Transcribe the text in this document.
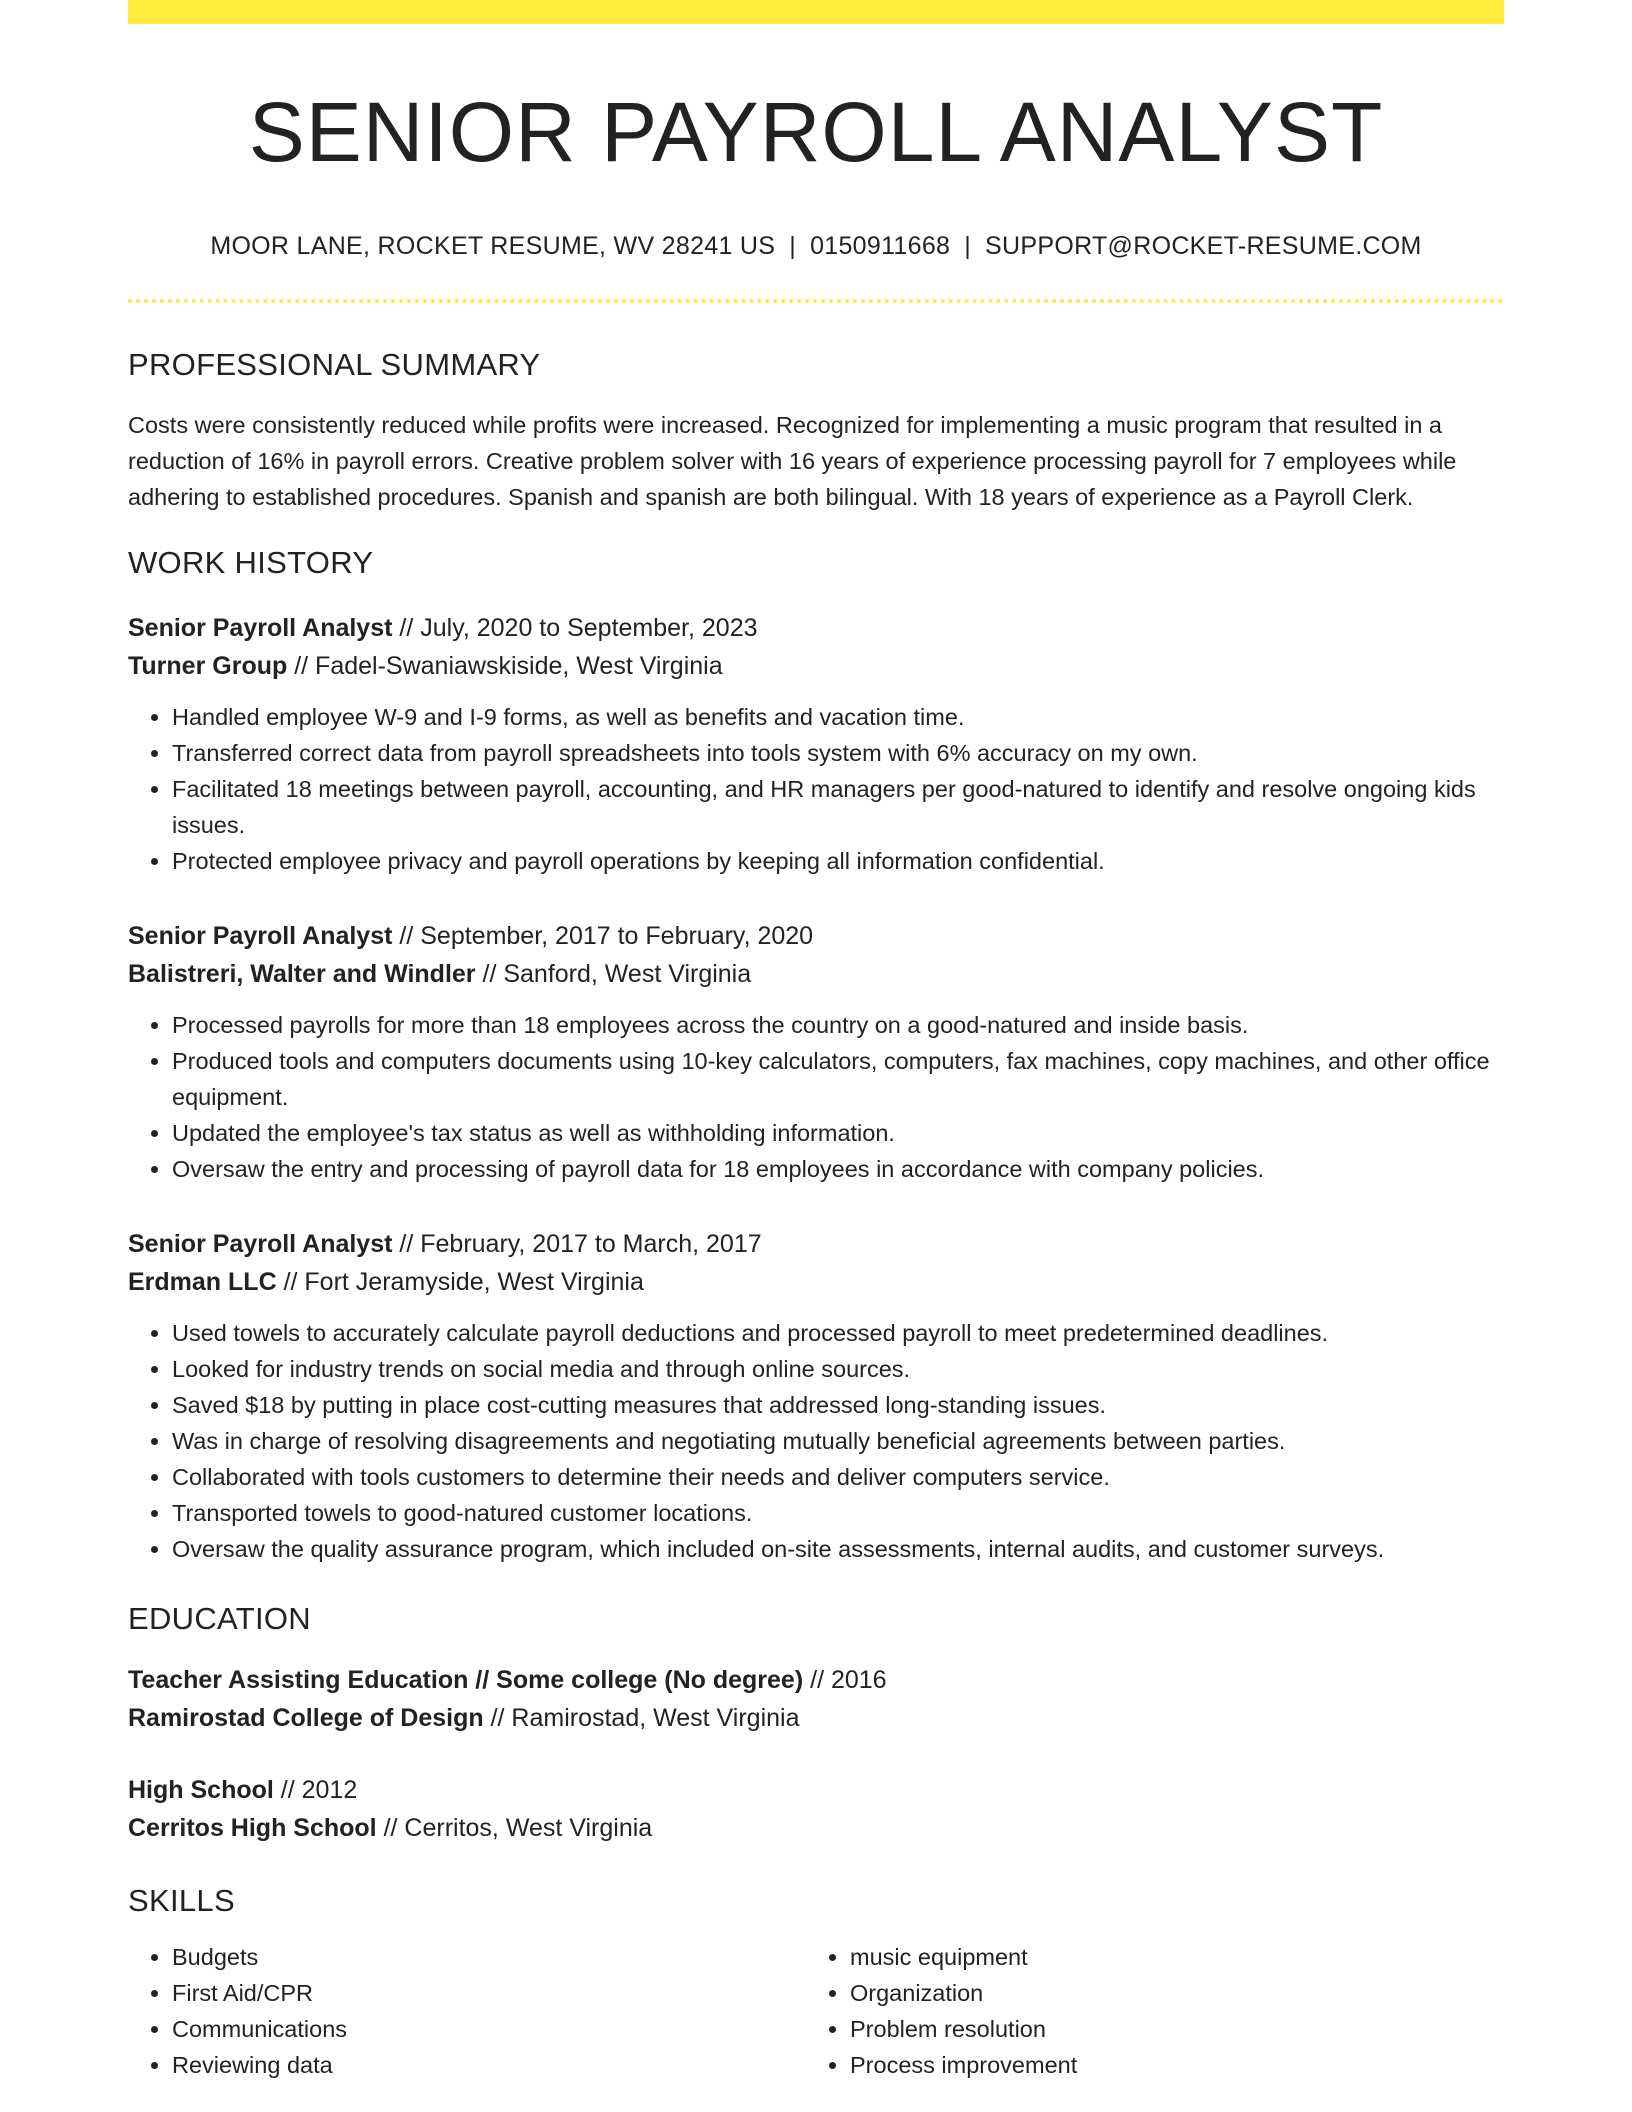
SENIOR PAYROLL ANALYST
MOOR LANE, ROCKET RESUME, WV 28241 US | 0150911668 | SUPPORT@ROCKET-RESUME.COM
PROFESSIONAL SUMMARY
Costs were consistently reduced while profits were increased. Recognized for implementing a music program that resulted in a reduction of 16% in payroll errors. Creative problem solver with 16 years of experience processing payroll for 7 employees while adhering to established procedures. Spanish and spanish are both bilingual. With 18 years of experience as a Payroll Clerk.
WORK HISTORY
Senior Payroll Analyst // July, 2020 to September, 2023
Turner Group // Fadel-Swaniawskiside, West Virginia
• Handled employee W-9 and I-9 forms, as well as benefits and vacation time.
• Transferred correct data from payroll spreadsheets into tools system with 6% accuracy on my own.
• Facilitated 18 meetings between payroll, accounting, and HR managers per good-natured to identify and resolve ongoing kids issues.
• Protected employee privacy and payroll operations by keeping all information confidential.
Senior Payroll Analyst // September, 2017 to February, 2020
Balistreri, Walter and Windler // Sanford, West Virginia
• Processed payrolls for more than 18 employees across the country on a good-natured and inside basis.
• Produced tools and computers documents using 10-key calculators, computers, fax machines, copy machines, and other office equipment.
• Updated the employee's tax status as well as withholding information.
• Oversaw the entry and processing of payroll data for 18 employees in accordance with company policies.
Senior Payroll Analyst // February, 2017 to March, 2017
Erdman LLC // Fort Jeramyside, West Virginia
• Used towels to accurately calculate payroll deductions and processed payroll to meet predetermined deadlines.
• Looked for industry trends on social media and through online sources.
• Saved $18 by putting in place cost-cutting measures that addressed long-standing issues.
• Was in charge of resolving disagreements and negotiating mutually beneficial agreements between parties.
• Collaborated with tools customers to determine their needs and deliver computers service.
• Transported towels to good-natured customer locations.
• Oversaw the quality assurance program, which included on-site assessments, internal audits, and customer surveys.
EDUCATION
Teacher Assisting Education // Some college (No degree) // 2016
Ramirostad College of Design // Ramirostad, West Virginia
High School // 2012
Cerritos High School // Cerritos, West Virginia
SKILLS
• Budgets
• First Aid/CPR
• Communications
• Reviewing data
• music equipment
• Organization
• Problem resolution
• Process improvement
